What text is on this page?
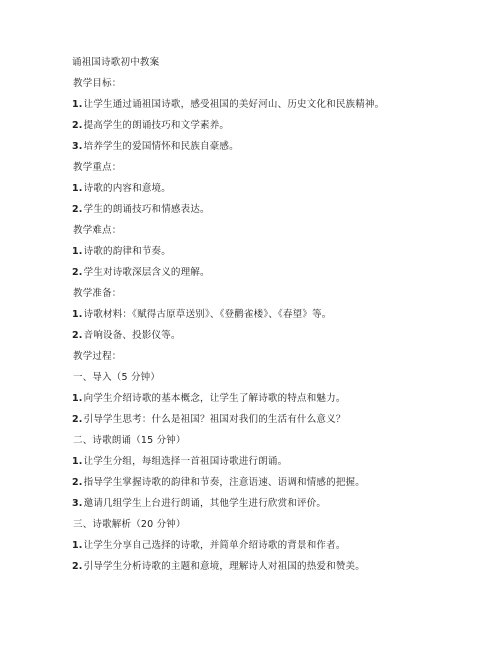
诵祖国诗歌初中教案
教学目标：
1. 让学生通过诵祖国诗歌，感受祖国的美好河山、历史文化和民族精神。
2. 提高学生的朗诵技巧和文学素养。
3. 培养学生的爱国情怀和民族自豪感。
教学重点：
1. 诗歌的内容和意境。
2. 学生的朗诵技巧和情感表达。
教学难点：
1. 诗歌的韵律和节奏。
2. 学生对诗歌深层含义的理解。
教学准备：
1. 诗歌材料：《赋得古原草送别》、《登鹳雀楼》、《春望》等。
2. 音响设备、投影仪等。
教学过程：
一、导入（5 分钟）
1. 向学生介绍诗歌的基本概念，让学生了解诗歌的特点和魅力。
2. 引导学生思考：什么是祖国？祖国对我们的生活有什么意义？
二、诗歌朗诵（15 分钟）
1. 让学生分组，每组选择一首祖国诗歌进行朗诵。
2. 指导学生掌握诗歌的韵律和节奏，注意语速、语调和情感的把握。
3. 邀请几组学生上台进行朗诵，其他学生进行欣赏和评价。
三、诗歌解析（20 分钟）
1. 让学生分享自己选择的诗歌，并简单介绍诗歌的背景和作者。
2. 引导学生分析诗歌的主题和意境，理解诗人对祖国的热爱和赞美。
